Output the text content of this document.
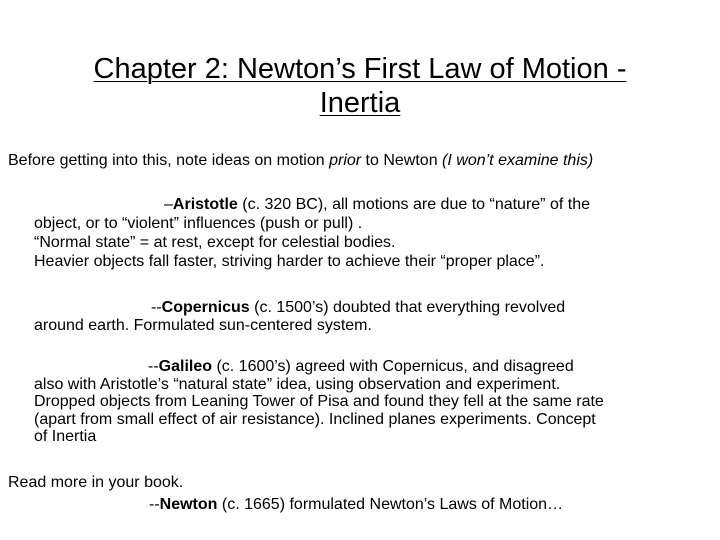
Chapter 2: Newton’s First Law of Motion -
Inertia
Before getting into this, note ideas on motion prior to Newton (I won’t examine this)
–Aristotle (c. 320 BC), all motions are due to “nature” of the
object, or to “violent” influences (push or pull) .
“Normal state” = at rest, except for celestial bodies.
Heavier objects fall faster, striving harder to achieve their “proper place”.
--Copernicus (c. 1500’s) doubted that everything revolved
around earth. Formulated sun-centered system.
--Galileo (c. 1600’s) agreed with Copernicus, and disagreed
also with Aristotle’s “natural state” idea, using observation and experiment.
Dropped objects from Leaning Tower of Pisa and found they fell at the same rate
(apart from small effect of air resistance). Inclined planes experiments. Concept
of Inertia
Read more in your book.
--Newton (c. 1665) formulated Newton’s Laws of Motion…
